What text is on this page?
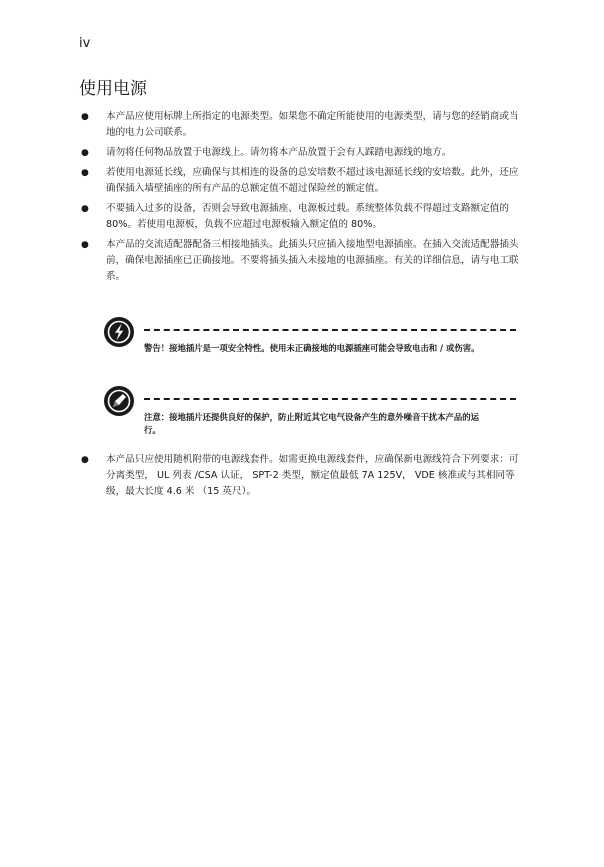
iv
使用电源
● 本产品应使用标牌上所指定的电源类型。如果您不确定所能使用的电源类型，请与您的经销商或当地的电力公司联系。
● 请勿将任何物品放置于电源线上。请勿将本产品放置于会有人踩踏电源线的地方。
● 若使用电源延长线，应确保与其相连的设备的总安培数不超过该电源延长线的安培数。此外，还应确保插入墙壁插座的所有产品的总额定值不超过保险丝的额定值。
● 不要插入过多的设备，否则会导致电源插座、电源板过载。系统整体负载不得超过支路额定值的 80%。若使用电源板，负载不应超过电源板输入额定值的 80%。
● 本产品的交流适配器配备三相接地插头。此插头只应插入接地型电源插座。在插入交流适配器插头前，确保电源插座已正确接地。不要将插头插入未接地的电源插座。有关的详细信息，请与电工联系。
警告！接地插片是一项安全特性。使用未正确接地的电源插座可能会导致电击和 / 或伤害。
注意：接地插片还提供良好的保护，防止附近其它电气设备产生的意外噪音干扰本产品的运行。
● 本产品只应使用随机附带的电源线套件。如需更换电源线套件，应确保新电源线符合下列要求：可分离类型， UL 列表 /CSA 认证， SPT-2 类型，额定值最低 7A 125V， VDE 核准或与其相同等级，最大长度 4.6 米 （15 英尺）。
